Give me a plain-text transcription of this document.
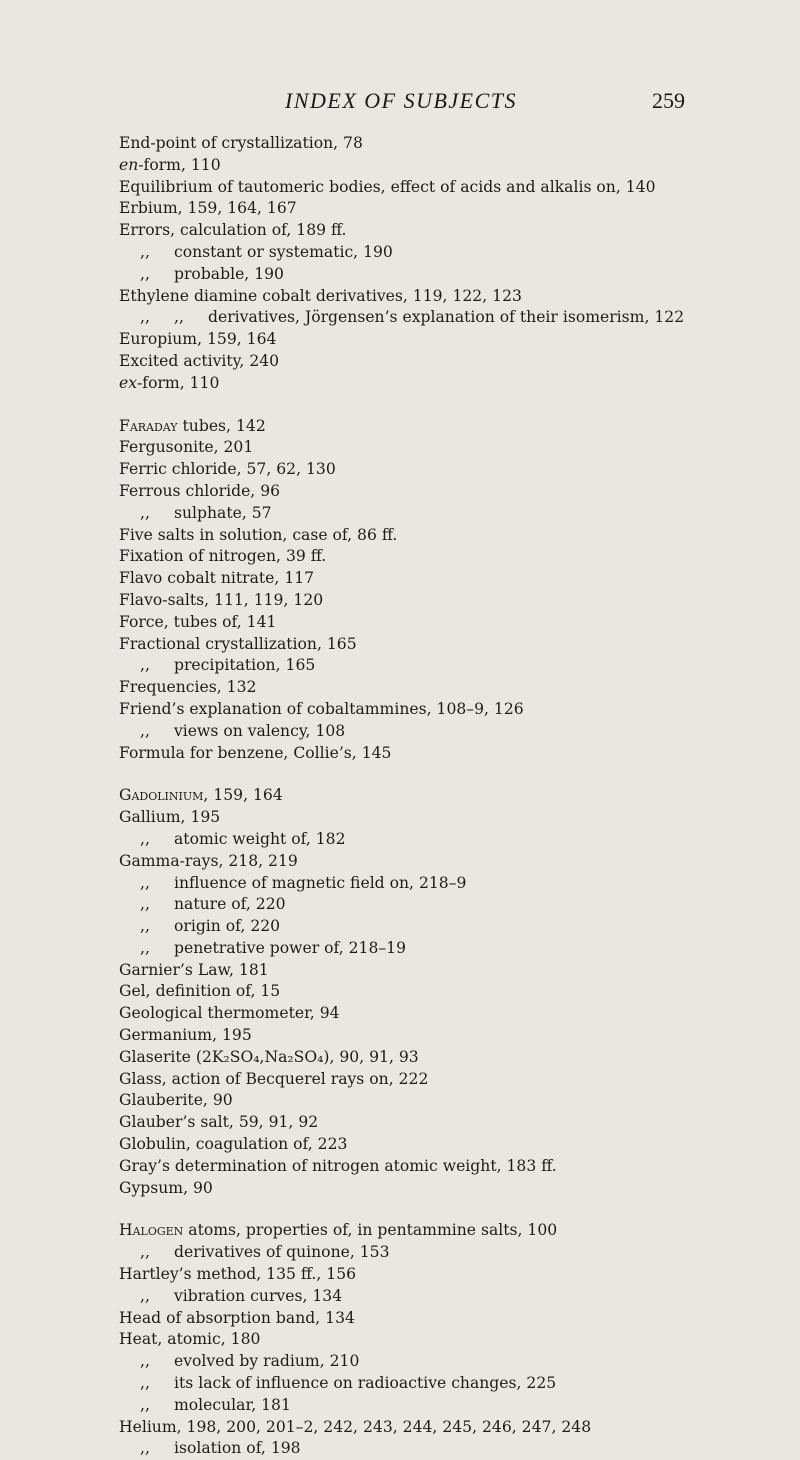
INDEX OF SUBJECTS	259
End-point of crystallization, 78
en-form, 110
Equilibrium of tautomeric bodies, effect of acids and alkalis on, 140
Erbium, 159, 164, 167
Errors, calculation of, 189 ff.
,, constant or systematic, 190
,, probable, 190
Ethylene diamine cobalt derivatives, 119, 122, 123
,, ,, derivatives, Jörgensen’s explanation of their isomerism, 122
Europium, 159, 164
Excited activity, 240
ex-form, 110
Faraday tubes, 142
Fergusonite, 201
Ferric chloride, 57, 62, 130
Ferrous chloride, 96
,, sulphate, 57
Five salts in solution, case of, 86 ff.
Fixation of nitrogen, 39 ff.
Flavo cobalt nitrate, 117
Flavo-salts, 111, 119, 120
Force, tubes of, 141
Fractional crystallization, 165
,, precipitation, 165
Frequencies, 132
Friend’s explanation of cobaltammines, 108–9, 126
,, views on valency, 108
Formula for benzene, Collie’s, 145
Gadolinium, 159, 164
Gallium, 195
,, atomic weight of, 182
Gamma-rays, 218, 219
,, influence of magnetic field on, 218–9
,, nature of, 220
,, origin of, 220
,, penetrative power of, 218–19
Garnier’s Law, 181
Gel, definition of, 15
Geological thermometer, 94
Germanium, 195
Glaserite (2K₂SO₄,Na₂SO₄), 90, 91, 93
Glass, action of Becquerel rays on, 222
Glauberite, 90
Glauber’s salt, 59, 91, 92
Globulin, coagulation of, 223
Gray’s determination of nitrogen atomic weight, 183 ff.
Gypsum, 90
Halogen atoms, properties of, in pentammine salts, 100
,, derivatives of quinone, 153
Hartley’s method, 135 ff., 156
,, vibration curves, 134
Head of absorption band, 134
Heat, atomic, 180
,, evolved by radium, 210
,, its lack of influence on radioactive changes, 225
,, molecular, 181
Helium, 198, 200, 201–2, 242, 243, 244, 245, 246, 247, 248
,, isolation of, 198
